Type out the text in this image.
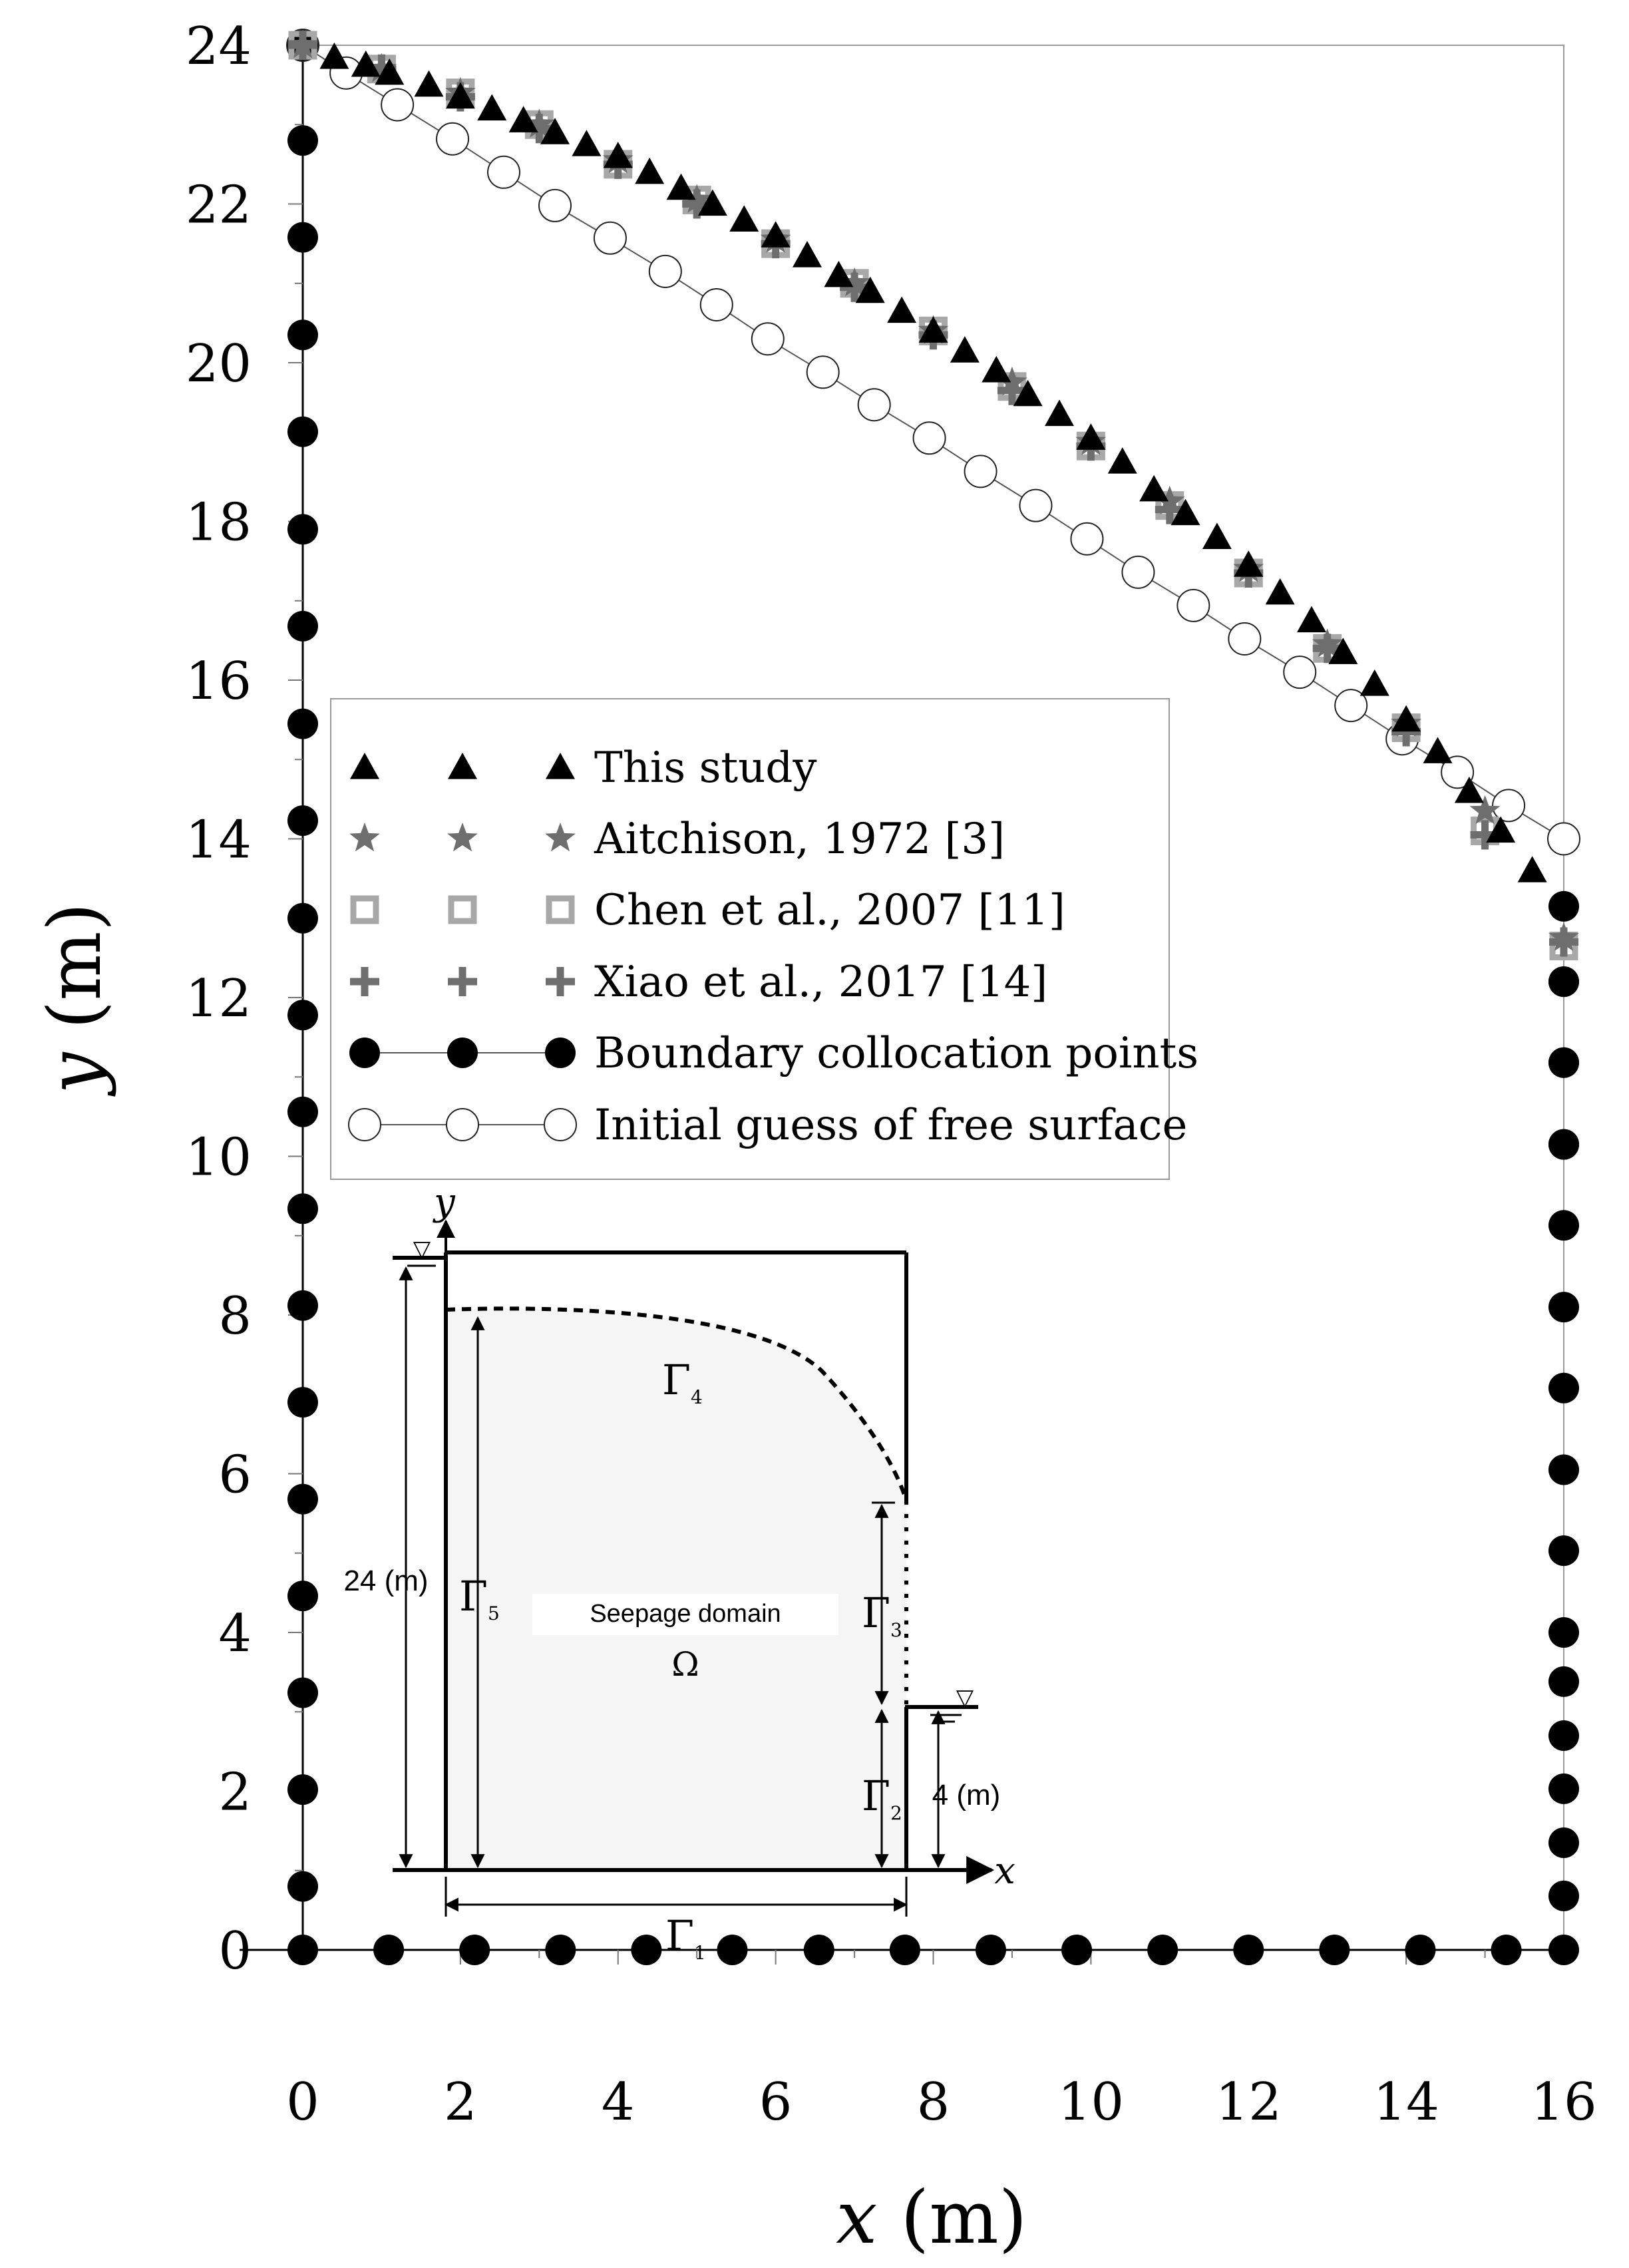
0
2
4
6
8
10
12
14
16
18
20
22
24
0 2 4 6 8 10 12 14 16
▽
▽
y
x
24 (m)
4 (m)
Seepage domain
Ω
$\Gamma_4$
$\Gamma_5$	$\Gamma_3$
$\Gamma_2$
$\Gamma_1$
This study
Aitchison, 1972 [3]
Chen et al., 2007 [11]
Xiao et al., 2017 [14]
Boundary collocation points
Initial guess of free surface
x (m)
y (m)
